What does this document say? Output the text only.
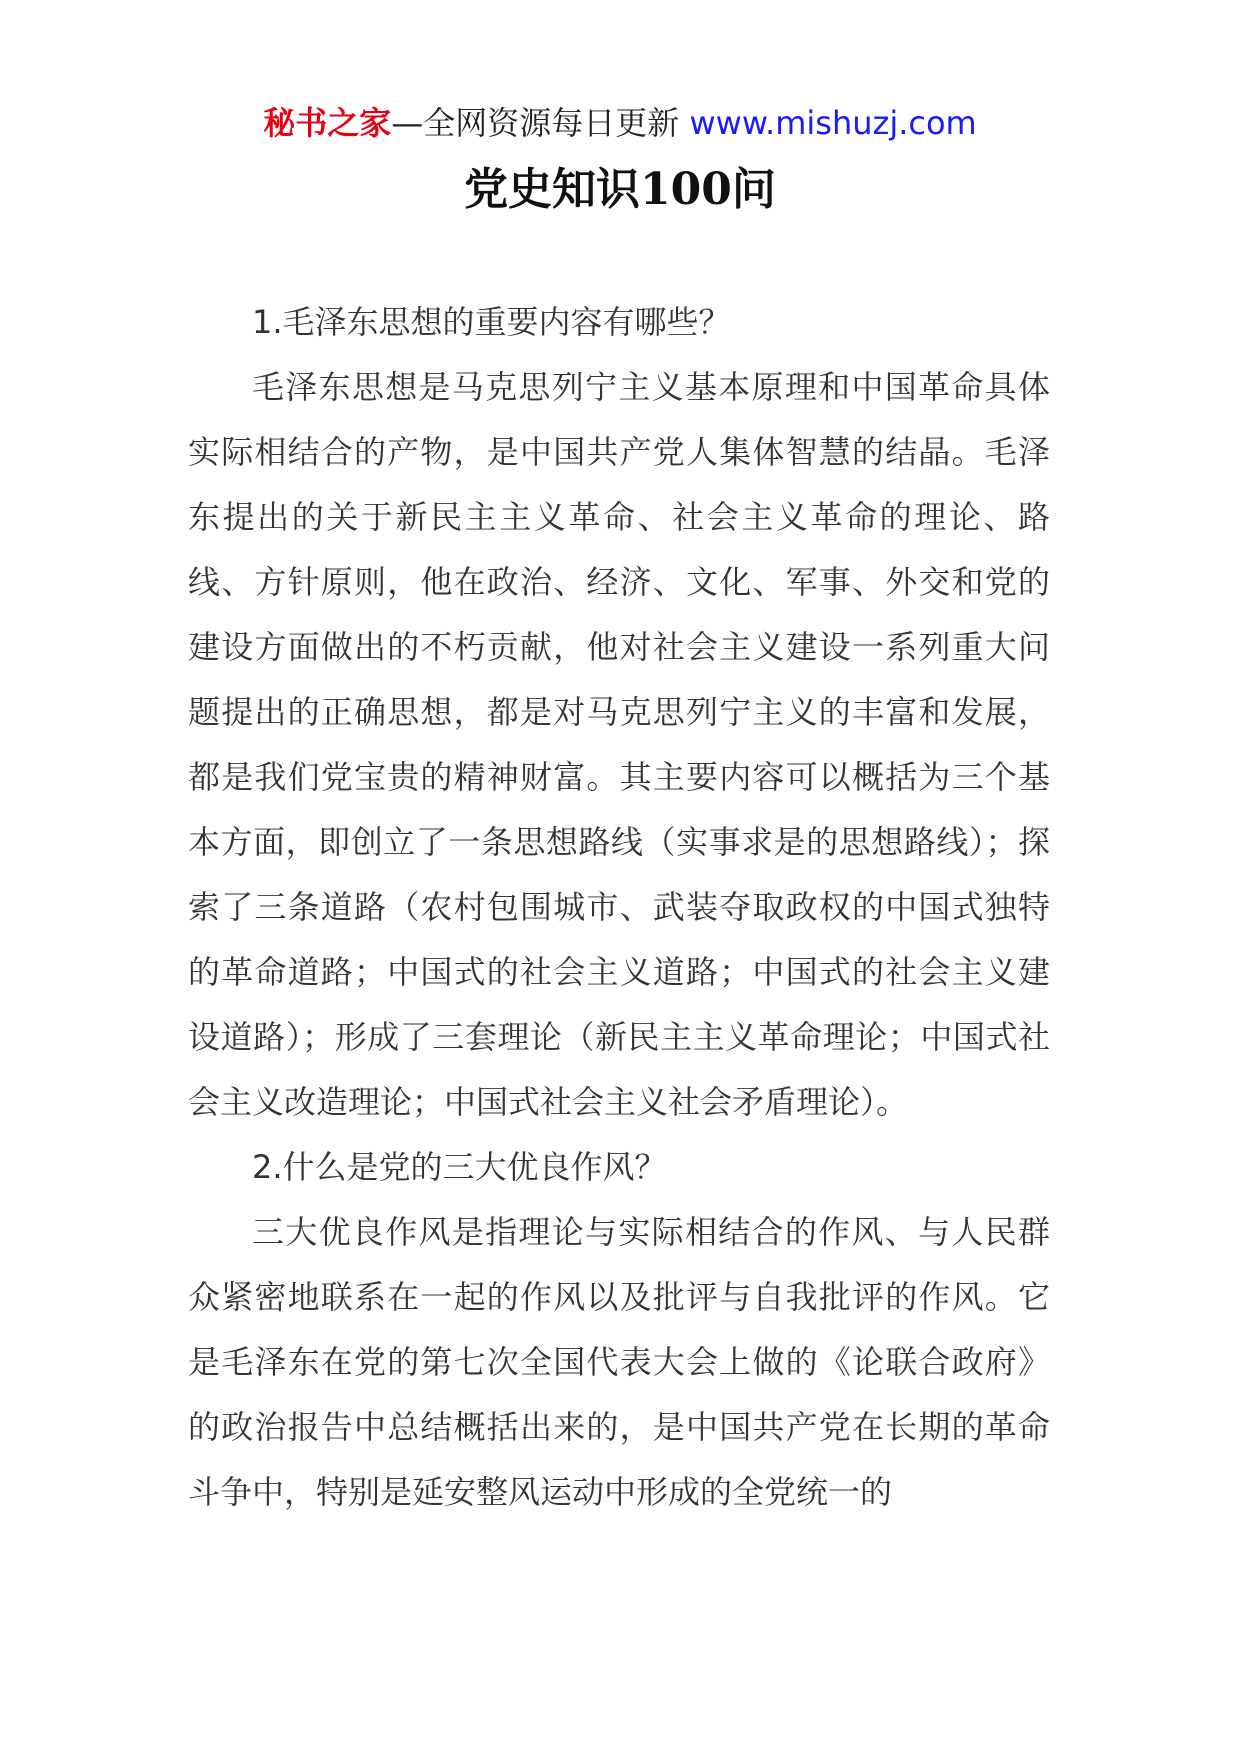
秘书之家—全网资源每日更新 www.mishuzj.com
党史知识100问

1.毛泽东思想的重要内容有哪些？

毛泽东思想是马克思列宁主义基本原理和中国革命具体实际相结合的产物，是中国共产党人集体智慧的结晶。毛泽东提出的关于新民主主义革命、社会主义革命的理论、路线、方针原则，他在政治、经济、文化、军事、外交和党的建设方面做出的不朽贡献，他对社会主义建设一系列重大问题提出的正确思想，都是对马克思列宁主义的丰富和发展，都是我们党宝贵的精神财富。其主要内容可以概括为三个基本方面，即创立了一条思想路线（实事求是的思想路线）；探索了三条道路（农村包围城市、武装夺取政权的中国式独特的革命道路；中国式的社会主义道路；中国式的社会主义建设道路）；形成了三套理论（新民主主义革命理论；中国式社会主义改造理论；中国式社会主义社会矛盾理论）。

2.什么是党的三大优良作风？

三大优良作风是指理论与实际相结合的作风、与人民群众紧密地联系在一起的作风以及批评与自我批评的作风。它是毛泽东在党的第七次全国代表大会上做的《论联合政府》的政治报告中总结概括出来的，是中国共产党在长期的革命斗争中，特别是延安整风运动中形成的全党统一的
